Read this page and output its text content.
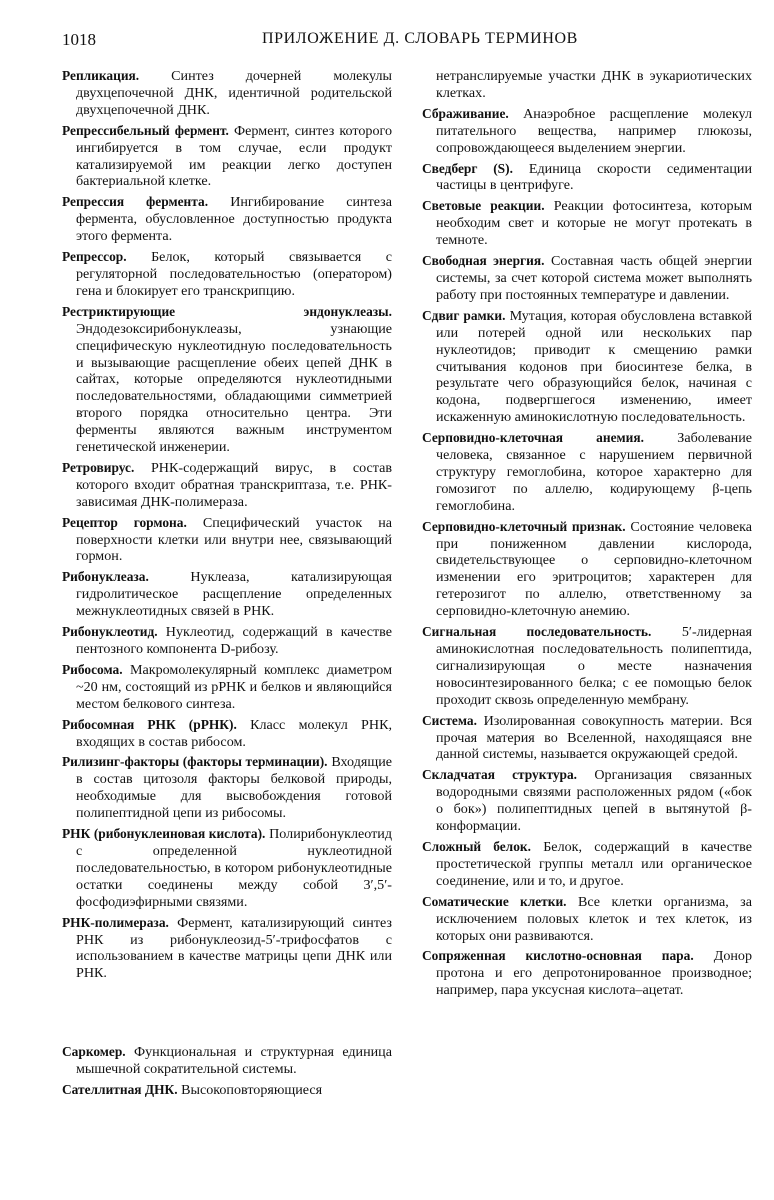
1018	ПРИЛОЖЕНИЕ Д. СЛОВАРЬ ТЕРМИНОВ
Репликация. Синтез дочерней молекулы двухцепочечной ДНК, идентичной родительской двухцепочечной ДНК.
Репрессибельный фермент. Фермент, синтез которого ингибируется в том случае, если продукт катализируемой им реакции легко доступен бактериальной клетке.
Репрессия фермента. Ингибирование синтеза фермента, обусловленное доступностью продукта этого фермента.
Репрессор. Белок, который связывается с регуляторной последовательностью (оператором) гена и блокирует его транскрипцию.
Рестриктирующие эндонуклеазы. Эндодезоксирибонуклеазы, узнающие специфическую нуклеотидную последовательность и вызывающие расщепление обеих цепей ДНК в сайтах, которые определяются нуклеотидными последовательностями, обладающими симметрией второго порядка относительно центра. Эти ферменты являются важным инструментом генетической инженерии.
Ретровирус. РНК-содержащий вирус, в состав которого входит обратная транскриптаза, т.е. РНК-зависимая ДНК-полимераза.
Рецептор гормона. Специфический участок на поверхности клетки или внутри нее, связывающий гормон.
Рибонуклеаза.	Нуклеаза, катализирующая гидролитическое расщепление определенных межнуклеотидных связей в РНК.
Рибонуклеотид. Нуклеотид, содержащий в качестве пентозного компонента D-рибозу.
Рибосома. Макромолекулярный комплекс диаметром ~20 нм, состоящий из рРНК и белков и являющийся местом белкового синтеза.
Рибосомная РНК (рРНК). Класс молекул РНК, входящих в состав рибосом.
Рилизинг-факторы (факторы терминации). Входящие в состав цитозоля факторы белковой природы, необходимые для высвобождения готовой полипептидной цепи из рибосомы.
РНК (рибонуклеиновая кислота). Полирибонуклеотид с определенной нуклеотидной последовательностью, в котором рибонуклеотидные остатки соединены между собой 3′,5′-фосфодиэфирными связями.
РНК-полимераза. Фермент, катализирующий синтез РНК из рибонуклеозид-5′-трифосфатов с использованием в качестве матрицы цепи ДНК или РНК.
Саркомер. Функциональная и структурная единица мышечной сократительной системы.
Сателлитная ДНК. Высокоповторяющиеся
нетранслируемые участки ДНК в эукариотических клетках.
Сбраживание. Анаэробное расщепление молекул питательного вещества, например глюкозы, сопровождающееся выделением энергии.
Сведберг (S). Единица скорости седиментации частицы в центрифуге.
Световые реакции. Реакции фотосинтеза, которым необходим свет и которые не могут протекать в темноте.
Свободная энергия. Составная часть общей энергии системы, за счет которой система может выполнять работу при постоянных температуре и давлении.
Сдвиг рамки. Мутация, которая обусловлена вставкой или потерей одной или нескольких пар нуклеотидов; приводит к смещению рамки считывания кодонов при биосинтезе белка, в результате чего образующийся белок, начиная с кодона, подвергшегося изменению, имеет искаженную аминокислотную последовательность.
Серповидно-клеточная анемия. Заболевание человека, связанное с нарушением первичной структуру гемоглобина, которое характерно для гомозигот по аллелю, кодирующему β-цепь гемоглобина.
Серповидно-клеточный признак. Состояние человека при пониженном давлении кислорода, свидетельствующее о серповидно-клеточном изменении его эритроцитов; характерен для гетерозигот по аллелю, ответственному за серповидно-клеточную анемию.
Сигнальная последовательность. 5′-лидерная аминокислотная последовательность полипептида, сигнализирующая о месте назначения новосинтезированного белка; с ее помощью белок проходит сквозь определенную мембрану.
Система. Изолированная совокупность материи. Вся прочая материя во Вселенной, находящаяся вне данной системы, называется окружающей средой.
Складчатая структура. Организация связанных водородными связями расположенных рядом («бок о бок») полипептидных цепей в вытянутой β-конформации.
Сложный белок. Белок, содержащий в качестве простетической группы металл или органическое соединение, или и то, и другое.
Соматические клетки. Все клетки организма, за исключением половых клеток и тех клеток, из которых они развиваются.
Сопряженная кислотно-основная пара. Донор протона и его депротонированное производное; например, пара уксусная кислота–ацетат.
